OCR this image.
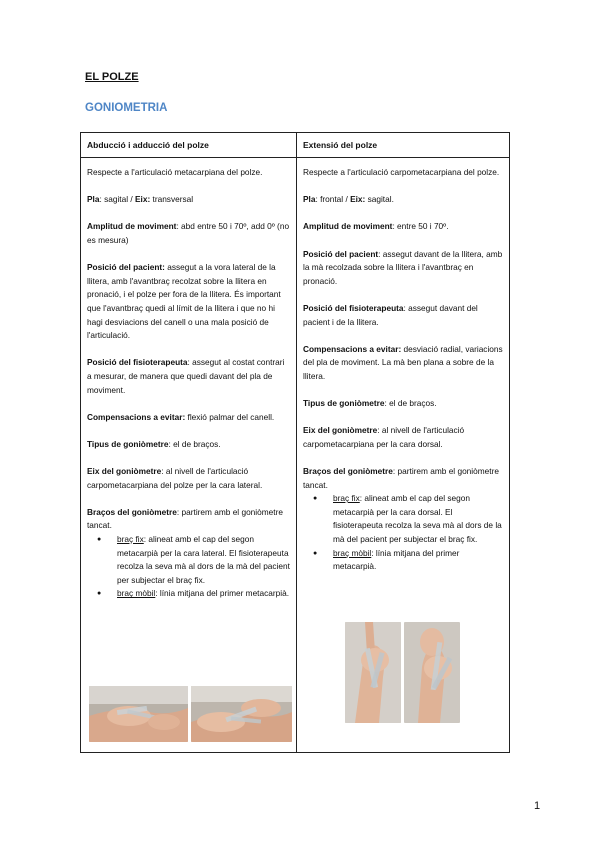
EL POLZE
GONIOMETRIA
Abducció i adducció del polze	Extensió del polze

Respecte a l'articulació metacarpiana del polze.

Pla: sagital / Eix: transversal

Amplitud de moviment: abd entre 50 i 70º, add 0º (no es mesura)

Posició del pacient: assegut a la vora lateral de la llitera, amb l'avantbraç recolzat sobre la llitera en pronació, i el polze per fora de la llitera. És important que l'avantbraç quedi al límit de la llitera i que no hi hagi desviacions del canell o una mala posició de l'articulació.

Posició del fisioterapeuta: assegut al costat contrari a mesurar, de manera que quedi davant del pla de moviment.

Compensacions a evitar: flexió palmar del canell.

Tipus de goniòmetre: el de braços.

Eix del goniòmetre: al nivell de l'articulació carpometacarpiana del polze per la cara lateral.

Braços del goniòmetre: partirem amb el goniòmetre tancat.

● braç fix: alineat amb el cap del segon metacarpià per la cara lateral. El fisioterapeuta recolza la seva mà al dors de la mà del pacient per subjectar el braç fix.
● braç mòbil: línia mitjana del primer metacarpià.

Respecte a l'articulació carpometacarpiana del polze.

Pla: frontal / Eix: sagital.

Amplitud de moviment: entre 50 i 70º.

Posició del pacient: assegut davant de la llitera, amb la mà recolzada sobre la llitera i l'avantbraç en pronació.

Posició del fisioterapeuta: assegut davant del pacient i de la llitera.

Compensacions a evitar: desviació radial, variacions del pla de moviment. La mà ben plana a sobre de la llitera.

Tipus de goniòmetre: el de braços.

Eix del goniòmetre: al nivell de l'articulació carpometacarpiana per la cara dorsal.

Braços del goniòmetre: partirem amb el goniòmetre tancat.

● braç fix: alineat amb el cap del segon metacarpià per la cara dorsal. El fisioterapeuta recolza la seva mà al dors de la mà del pacient per subjectar el braç fix.
● braç mòbil: línia mitjana del primer metacarpià.
1
